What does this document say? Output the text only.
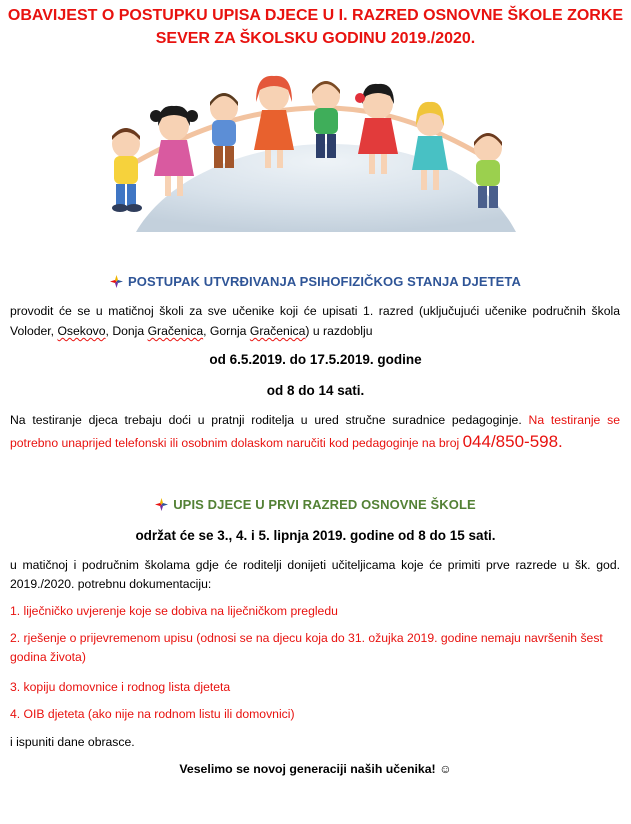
OBAVIJEST O POSTUPKU UPISA DJECE U I. RAZRED OSNOVNE ŠKOLE ZORKE
SEVER ZA ŠKOLSKU GODINU 2019./2020.
POSTUPAK UTVRĐIVANJA PSIHOFIZIČKOG STANJA DJETETA
provodit će se u matičnoj školi za sve učenike koji će upisati 1. razred (uključujući učenike područnih škola Voloder, Osekovo, Donja Gračenica, Gornja Gračenica) u razdoblju
od 6.5.2019. do 17.5.2019. godine
od 8 do 14 sati.
Na testiranje djeca trebaju doći u pratnji roditelja u ured stručne suradnice pedagoginje. Na testiranje se potrebno unaprijed telefonski ili osobnim dolaskom naručiti kod pedagoginje na broj 044/850-598.
UPIS DJECE U PRVI RAZRED OSNOVNE ŠKOLE
održat će se 3., 4. i 5. lipnja 2019. godine od 8 do 15 sati.
u matičnoj i područnim školama gdje će roditelji donijeti učiteljicama koje će primiti prve razrede u šk. god. 2019./2020. potrebnu dokumentaciju:
1. liječničko uvjerenje koje se dobiva na liječničkom pregledu
2. rješenje o prijevremenom upisu (odnosi se na djecu koja do 31. ožujka 2019. godine nemaju navršenih šest godina života)
3. kopiju domovnice i rodnog lista djeteta
4. OIB djeteta (ako nije na rodnom listu ili domovnici)
i ispuniti dane obrasce.
Veselimo se novoj generaciji naših učenika! ☺
